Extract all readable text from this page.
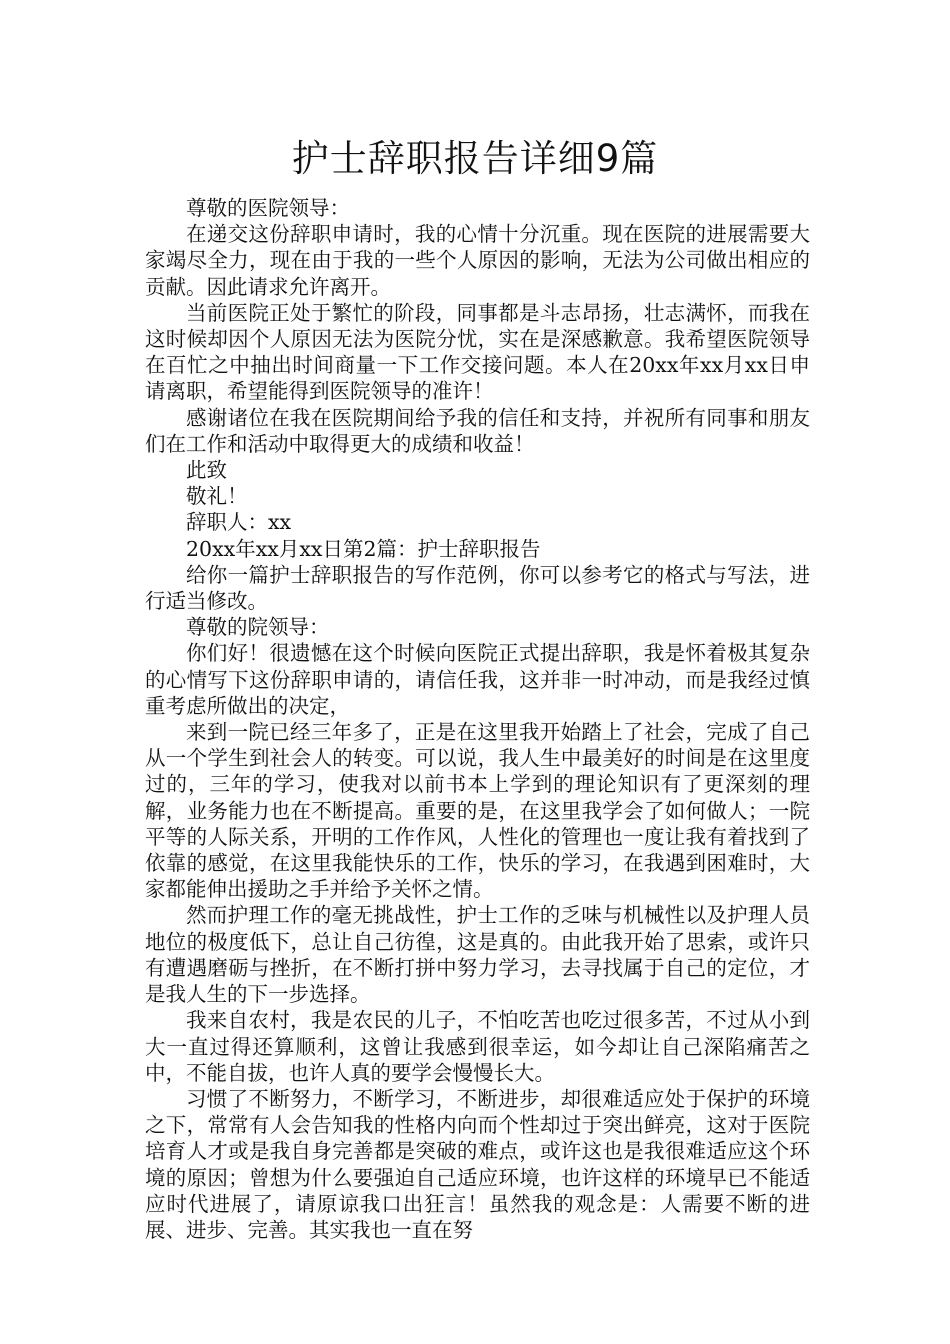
护士辞职报告详细9篇

尊敬的医院领导：

在递交这份辞职申请时，我的心情十分沉重。现在医院的进展需要大家竭尽全力，现在由于我的一些个人原因的影响，无法为公司做出相应的贡献。因此请求允许离开。

当前医院正处于繁忙的阶段，同事都是斗志昂扬，壮志满怀，而我在这时候却因个人原因无法为医院分忧，实在是深感歉意。我希望医院领导在百忙之中抽出时间商量一下工作交接问题。本人在20xx年xx月xx日申请离职，希望能得到医院领导的准许！

感谢诸位在我在医院期间给予我的信任和支持，并祝所有同事和朋友们在工作和活动中取得更大的成绩和收益！

此致

敬礼！

辞职人：xx

20xx年xx月xx日第2篇：护士辞职报告

给你一篇护士辞职报告的写作范例，你可以参考它的格式与写法，进行适当修改。

尊敬的院领导：

你们好！很遗憾在这个时候向医院正式提出辞职，我是怀着极其复杂的心情写下这份辞职申请的，请信任我，这并非一时冲动，而是我经过慎重考虑所做出的决定，

来到一院已经三年多了，正是在这里我开始踏上了社会，完成了自己从一个学生到社会人的转变。可以说，我人生中最美好的时间是在这里度过的，三年的学习，使我对以前书本上学到的理论知识有了更深刻的理解，业务能力也在不断提高。重要的是，在这里我学会了如何做人；一院平等的人际关系，开明的工作作风，人性化的管理也一度让我有着找到了依靠的感觉，在这里我能快乐的工作，快乐的学习，在我遇到困难时，大家都能伸出援助之手并给予关怀之情。

然而护理工作的毫无挑战性，护士工作的乏味与机械性以及护理人员地位的极度低下，总让自己彷徨，这是真的。由此我开始了思索，或许只有遭遇磨砺与挫折，在不断打拼中努力学习，去寻找属于自己的定位，才是我人生的下一步选择。

我来自农村，我是农民的儿子，不怕吃苦也吃过很多苦，不过从小到大一直过得还算顺利，这曾让我感到很幸运，如今却让自己深陷痛苦之中，不能自拔，也许人真的要学会慢慢长大。

习惯了不断努力，不断学习，不断进步，却很难适应处于保护的环境之下，常常有人会告知我的性格内向而个性却过于突出鲜亮，这对于医院培育人才或是我自身完善都是突破的难点，或许这也是我很难适应这个环境的原因；曾想为什么要强迫自己适应环境，也许这样的环境早已不能适应时代进展了，请原谅我口出狂言！虽然我的观念是：人需要不断的进展、进步、完善。其实我也一直在努
